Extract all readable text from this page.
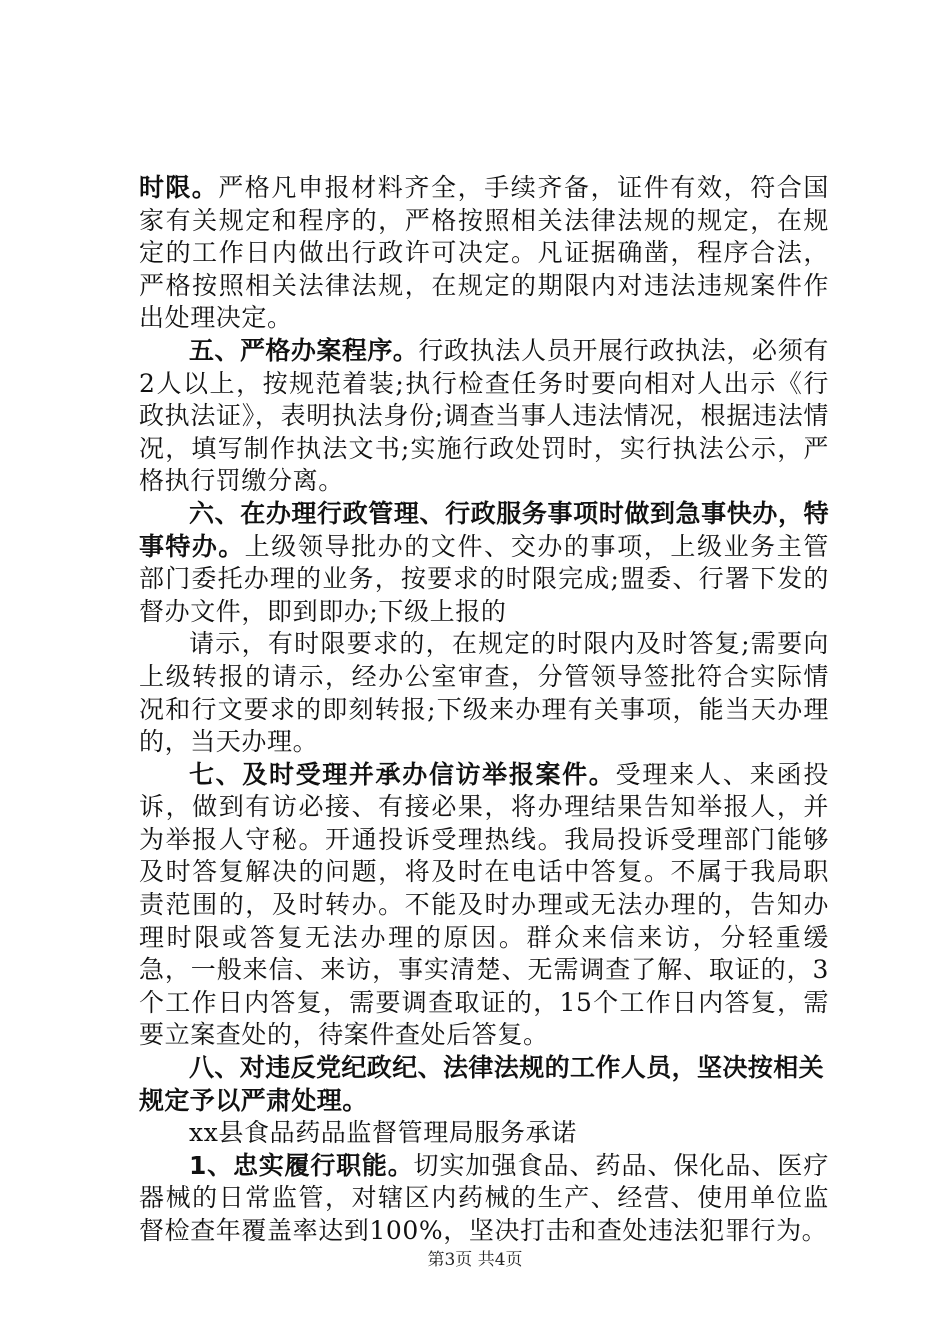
时限。严格凡申报材料齐全，手续齐备，证件有效，符合国家有关规定和程序的，严格按照相关法律法规的规定，在规定的工作日内做出行政许可决定。凡证据确凿，程序合法，严格按照相关法律法规，在规定的期限内对违法违规案件作出处理决定。

五、严格办案程序。行政执法人员开展行政执法，必须有2人以上，按规范着装;执行检查任务时要向相对人出示《行政执法证》，表明执法身份;调查当事人违法情况，根据违法情况，填写制作执法文书;实施行政处罚时，实行执法公示，严格执行罚缴分离。

六、在办理行政管理、行政服务事项时做到急事快办，特事特办。上级领导批办的文件、交办的事项，上级业务主管部门委托办理的业务，按要求的时限完成;盟委、行署下发的督办文件，即到即办;下级上报的

请示，有时限要求的，在规定的时限内及时答复;需要向上级转报的请示，经办公室审查，分管领导签批符合实际情况和行文要求的即刻转报;下级来办理有关事项，能当天办理的，当天办理。

七、及时受理并承办信访举报案件。受理来人、来函投诉，做到有访必接、有接必果，将办理结果告知举报人，并为举报人守秘。开通投诉受理热线。我局投诉受理部门能够及时答复解决的问题，将及时在电话中答复。不属于我局职责范围的，及时转办。不能及时办理或无法办理的，告知办理时限或答复无法办理的原因。群众来信来访，分轻重缓急，一般来信、来访，事实清楚、无需调查了解、取证的，3个工作日内答复，需要调查取证的，15个工作日内答复，需要立案查处的，待案件查处后答复。

八、对违反党纪政纪、法律法规的工作人员，坚决按相关规定予以严肃处理。

xx县食品药品监督管理局服务承诺

1、忠实履行职能。切实加强食品、药品、保化品、医疗器械的日常监管，对辖区内药械的生产、经营、使用单位监督检查年覆盖率达到100%，坚决打击和查处违法犯罪行为。

第3页 共4页
